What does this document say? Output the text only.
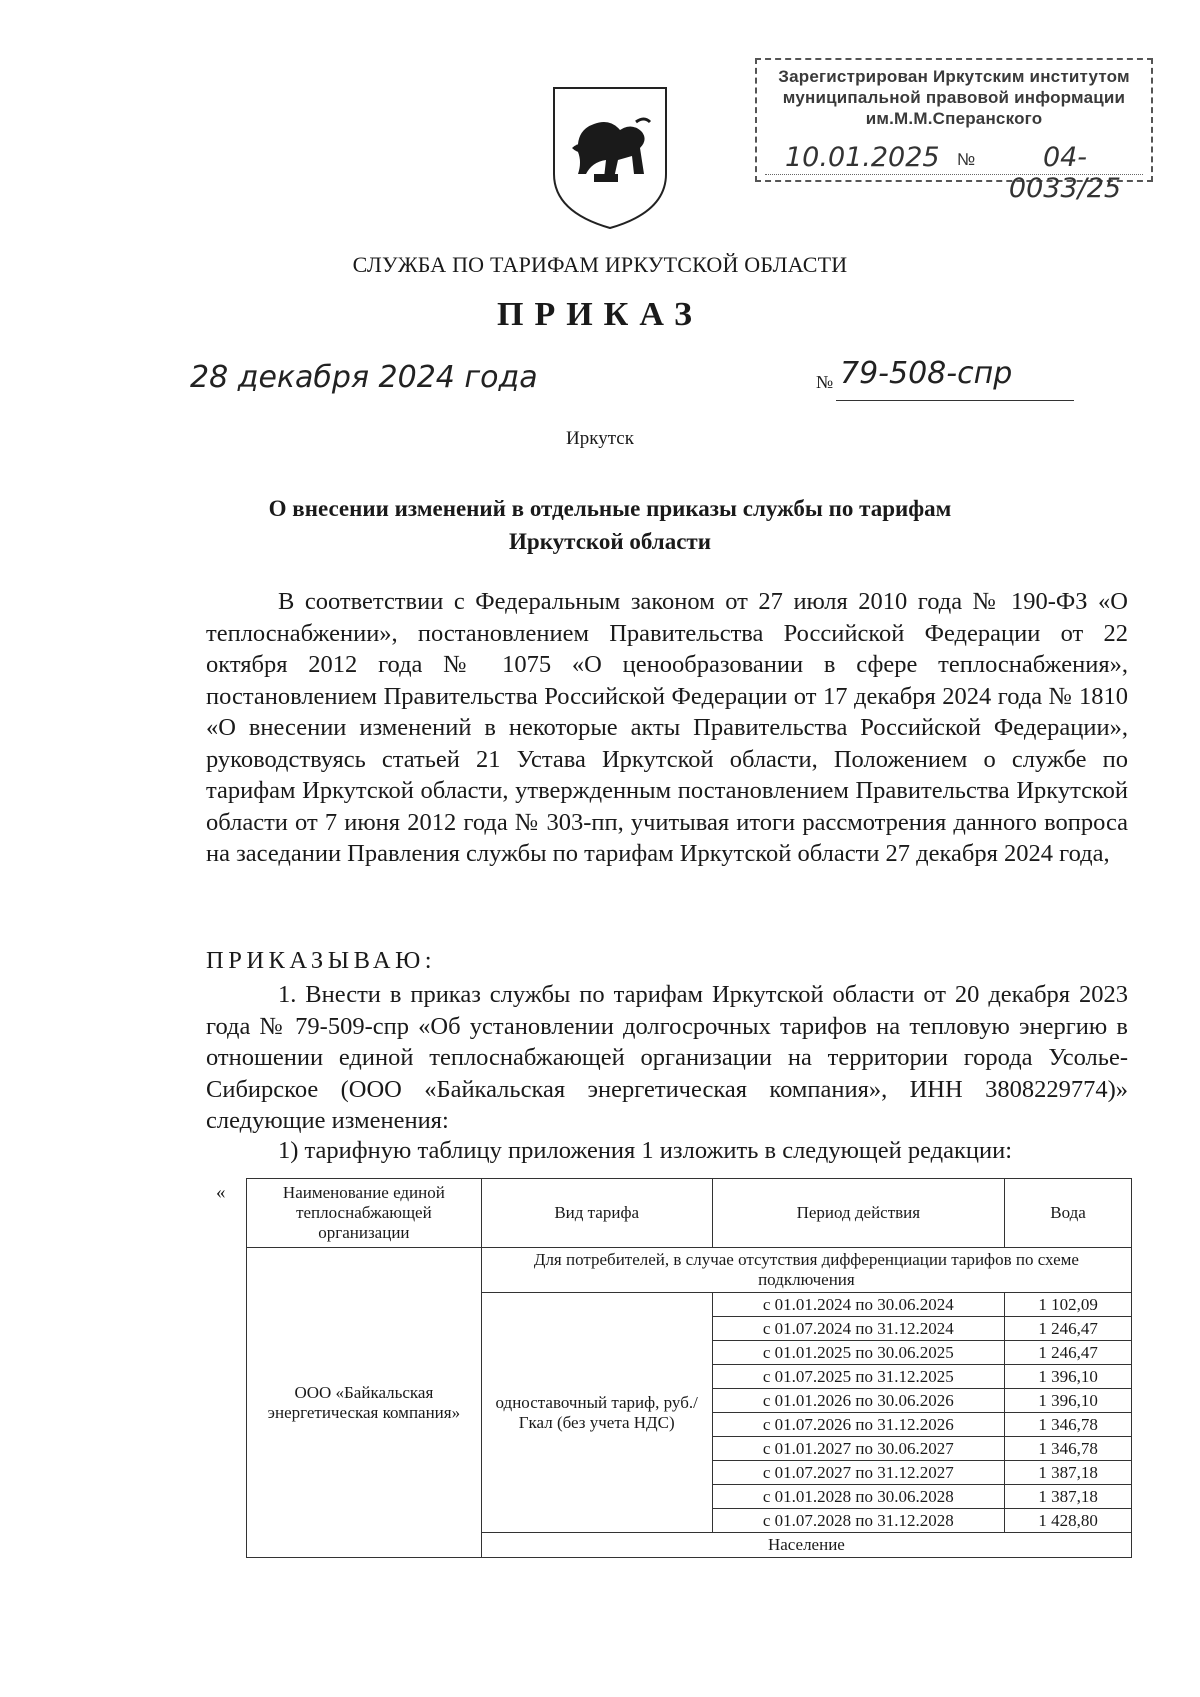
Зарегистрирован Иркутским институтом
муниципальной правовой информации
им.М.М.Сперанского
10.01.2025 №	04-0033/25
СЛУЖБА ПО ТАРИФАМ ИРКУТСКОЙ ОБЛАСТИ
ПРИКАЗ
28 декабря 2024 года	№ 79-508-спр
Иркутск
О внесении изменений в отдельные приказы службы по тарифам Иркутской области
В соответствии с Федеральным законом от 27 июля 2010 года № 190-ФЗ «О теплоснабжении», постановлением Правительства Российской Федерации от 22 октября 2012 года № 1075 «О ценообразовании в сфере теплоснабжения», постановлением Правительства Российской Федерации от 17 декабря 2024 года № 1810 «О внесении изменений в некоторые акты Правительства Российской Федерации», руководствуясь статьей 21 Устава Иркутской области, Положением о службе по тарифам Иркутской области, утвержденным постановлением Правительства Иркутской области от 7 июня 2012 года № 303-пп, учитывая итоги рассмотрения данного вопроса на заседании Правления службы по тарифам Иркутской области 27 декабря 2024 года,
ПРИКАЗЫВАЮ:
1. Внести в приказ службы по тарифам Иркутской области от 20 декабря 2023 года № 79-509-спр «Об установлении долгосрочных тарифов на тепловую энергию в отношении единой теплоснабжающей организации на территории города Усолье-Сибирское (ООО «Байкальская энергетическая компания», ИНН 3808229774)» следующие изменения:
1) тарифную таблицу приложения 1 изложить в следующей редакции:
«	Наименование единой теплоснабжающей организации	Вид тарифа	Период действия	Вода
ООО «Байкальская энергетическая компания»	Для потребителей, в случае отсутствия дифференциации тарифов по схеме подключения		
	одноставочный тариф, руб./Гкал (без учета НДС)	с 01.01.2024 по 30.06.2024	1 102,09
		с 01.07.2024 по 31.12.2024	1 246,47
		с 01.01.2025 по 30.06.2025	1 246,47
		с 01.07.2025 по 31.12.2025	1 396,10
		с 01.01.2026 по 30.06.2026	1 396,10
		с 01.07.2026 по 31.12.2026	1 346,78
		с 01.01.2027 по 30.06.2027	1 346,78
		с 01.07.2027 по 31.12.2027	1 387,18
		с 01.01.2028 по 30.06.2028	1 387,18
		с 01.07.2028 по 31.12.2028	1 428,80
	Население		
